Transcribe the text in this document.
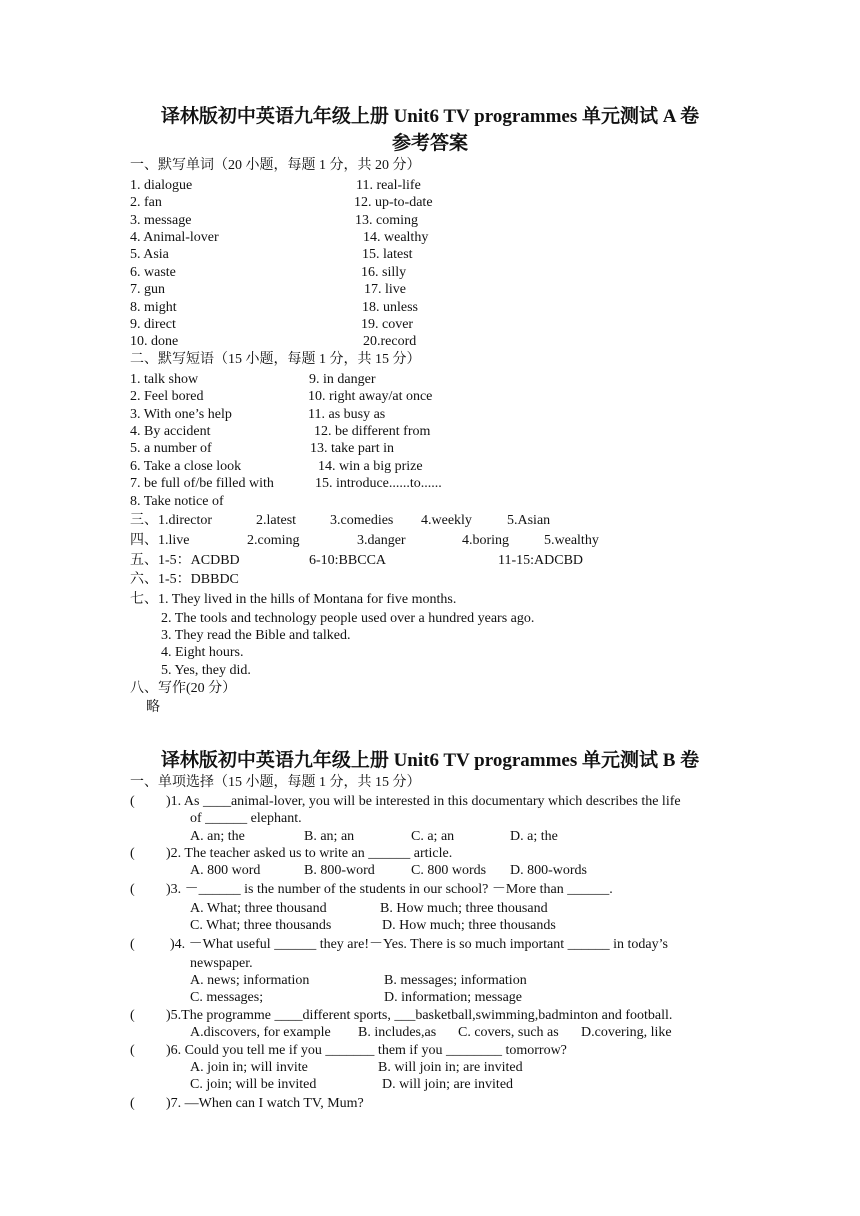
译林版初中英语九年级上册 Unit6 TV programmes 单元测试 A 卷
参考答案
一、默写单词（20 小题，每题 1 分，共 20 分）
1. dialogue
2. fan
3. message
4. Animal-lover
5. Asia
6. waste
7. gun
8. might
9. direct
10. done
11. real-life
12. up-to-date
13. coming
14. wealthy
15. latest
16. silly
17. live
18. unless
19. cover
20.record
二、默写短语（15 小题，每题 1 分，共 15 分）
1. talk show
2. Feel bored
3. With one’s help
4. By accident
5. a number of
6. Take a close look
7. be full of/be filled with
8. Take notice of
9. in danger
10. right away/at once
11. as busy as
12. be different from
13. take part in
14. win a big prize
15. introduce......to......
三、 1.director	2.latest 3.comedies 4.weekly	5.Asian
四、 1.live	2.coming	3.danger	4.boring 5.wealthy
五、 1-5：ACDBD	6-10:BBCCA	11-15:ADCBD
六、 1-5：DBBDC
七、 1. They lived in the hills of Montana for five months.
2. The tools and technology people used over a hundred years ago.
3. They read the Bible and talked.
4. Eight hours.
5. Yes, they did.
八、写作(20 分）
略
译林版初中英语九年级上册 Unit6 TV programmes 单元测试 B 卷
一、单项选择（15 小题，每题 1 分，共 15 分）
( )1. As ____animal-lover, you will be interested in this documentary which describes the life
of ______ elephant.
A. an; the	B. an; an	C. a; an	D. a; the
( )2. The teacher asked us to write an ______ article.
A. 800 word	B. 800-word	C. 800 words D. 800-words
( )3. －______ is the number of the students in our school? －More than ______.
A. What; three thousand	B. How much; three thousand
C. What; three thousands	D. How much; three thousands
(	)4. －What useful ______ they are!－Yes. There is so much important ______ in today’s
newspaper.
A. news; information	B. messages; information
C. messages;	D. information; message
( )5.The programme ____different sports, ___basketball,swimming,badminton and football.
A.discovers, for example B. includes,as C. covers, such as D.covering, like
( )6. Could you tell me if you _______ them if you ________ tomorrow?
A. join in; will invite	B. will join in; are invited
C. join; will be invited	D. will join; are invited
( )7. —When can I watch TV, Mum?
